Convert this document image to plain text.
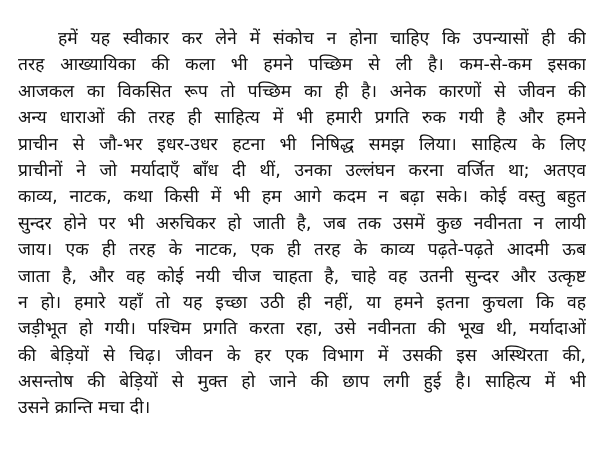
हमें यह स्वीकार कर लेने में संकोच न होना चाहिए कि उपन्यासों ही की
तरह आख्यायिका की कला भी हमने पच्छिम से ली है। कम-से-कम इसका
आजकल का विकसित रूप तो पच्छिम का ही है। अनेक कारणों से जीवन की
अन्य धाराओं की तरह ही साहित्य में भी हमारी प्रगति रुक गयी है और हमने
प्राचीन से जौ-भर इधर-उधर हटना भी निषिद्ध समझ लिया। साहित्य के लिए
प्राचीनों ने जो मर्यादाएँ बाँध दी थीं, उनका उल्लंघन करना वर्जित था; अतएव
काव्य, नाटक, कथा किसी में भी हम आगे कदम न बढ़ा सके। कोई वस्तु बहुत
सुन्दर होने पर भी अरुचिकर हो जाती है, जब तक उसमें कुछ नवीनता न लायी
जाय। एक ही तरह के नाटक, एक ही तरह के काव्य पढ़ते-पढ़ते आदमी ऊब
जाता है, और वह कोई नयी चीज चाहता है, चाहे वह उतनी सुन्दर और उत्कृष्ट
न हो। हमारे यहाँ तो यह इच्छा उठी ही नहीं, या हमने इतना कुचला कि वह
जड़ीभूत हो गयी। पश्चिम प्रगति करता रहा, उसे नवीनता की भूख थी, मर्यादाओं
की बेड़ियों से चिढ़। जीवन के हर एक विभाग में उसकी इस अस्थिरता की,
असन्तोष की बेड़ियों से मुक्त हो जाने की छाप लगी हुई है। साहित्य में भी
उसने क्रान्ति मचा दी।
